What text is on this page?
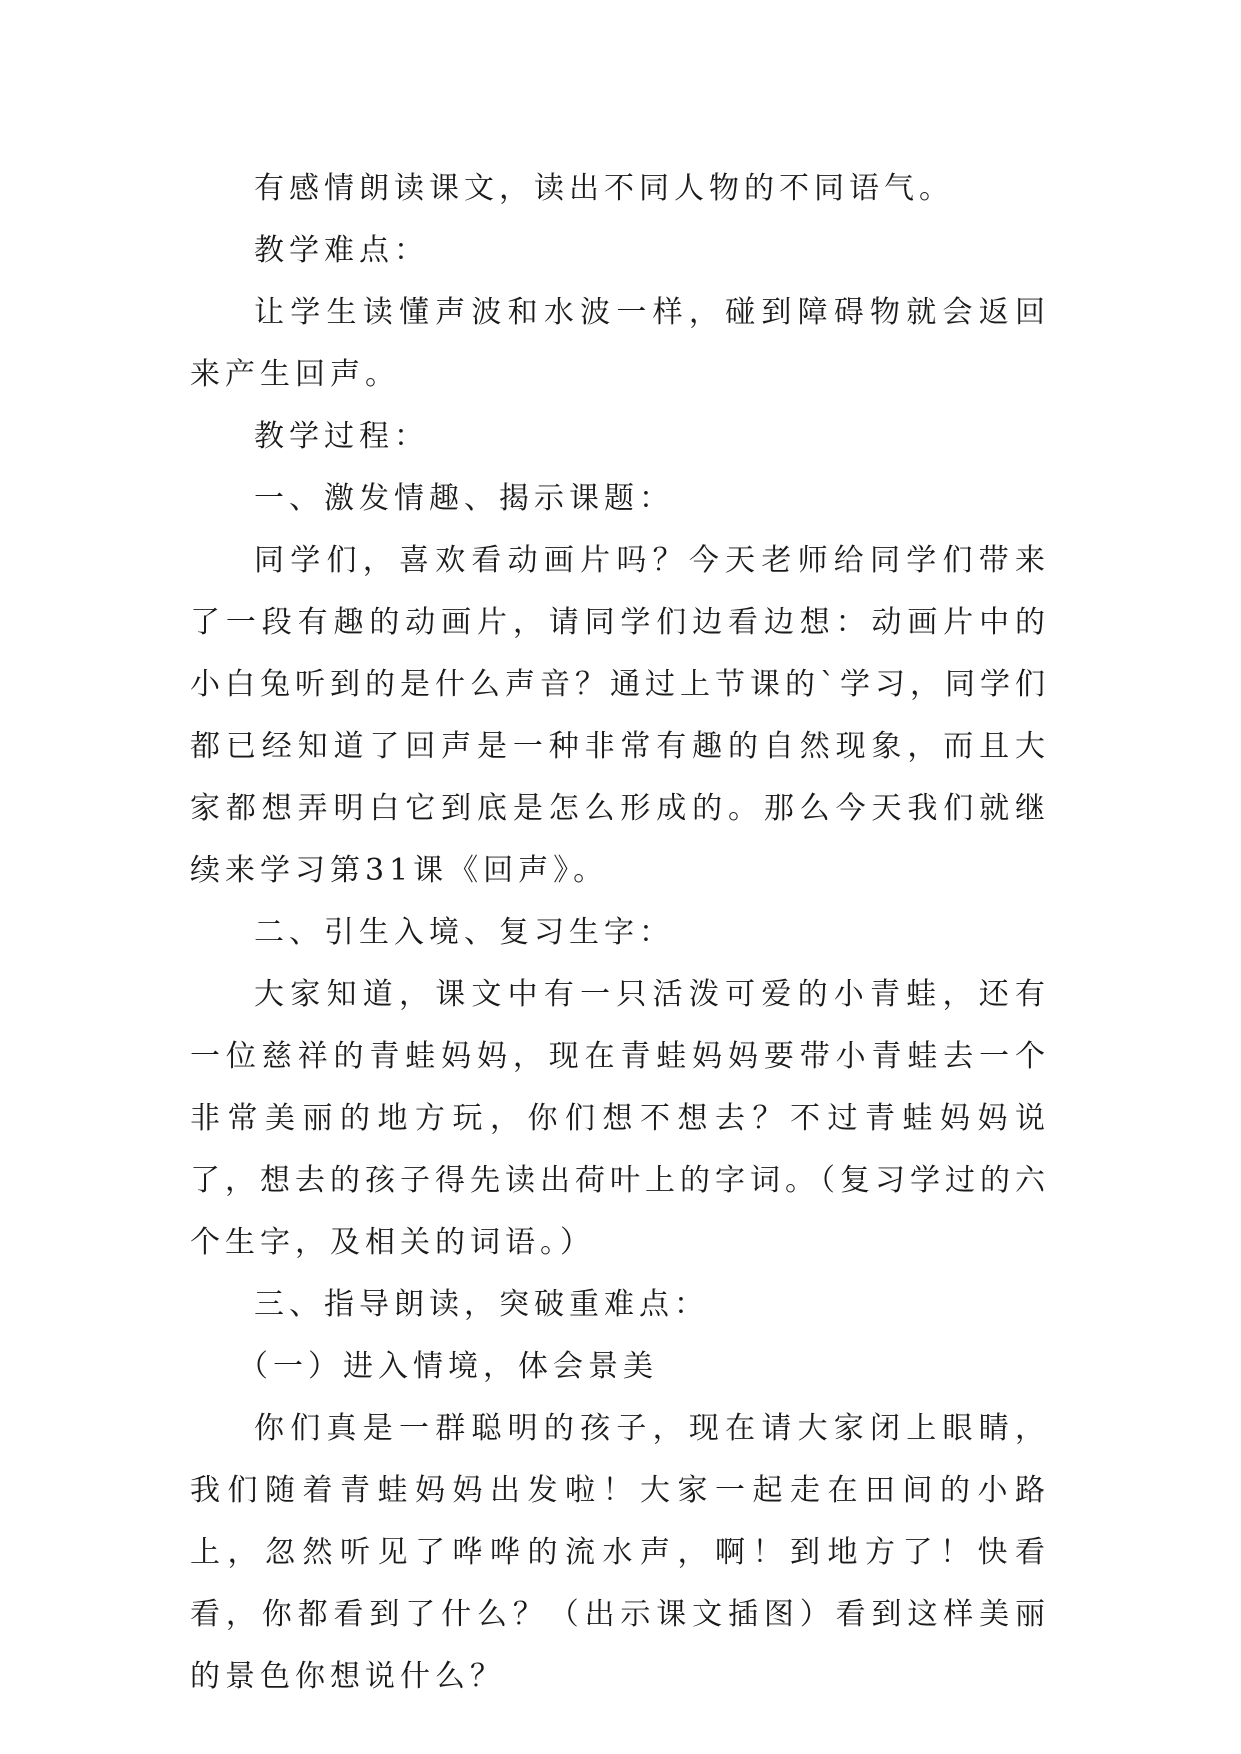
有感情朗读课文，读出不同人物的不同语气。

教学难点：

让学生读懂声波和水波一样，碰到障碍物就会返回来产生回声。

教学过程：

一、激发情趣、揭示课题：

同学们，喜欢看动画片吗？今天老师给同学们带来了一段有趣的动画片，请同学们边看边想：动画片中的小白兔听到的是什么声音？通过上节课的`学习，同学们都已经知道了回声是一种非常有趣的自然现象，而且大家都想弄明白它到底是怎么形成的。那么今天我们就继续来学习第31课《回声》。

二、引生入境、复习生字：

大家知道，课文中有一只活泼可爱的小青蛙，还有一位慈祥的青蛙妈妈，现在青蛙妈妈要带小青蛙去一个非常美丽的地方玩，你们想不想去？不过青蛙妈妈说了，想去的孩子得先读出荷叶上的字词。（复习学过的六个生字，及相关的词语。）

三、指导朗读，突破重难点：

（一）进入情境，体会景美

你们真是一群聪明的孩子，现在请大家闭上眼睛，我们随着青蛙妈妈出发啦！大家一起走在田间的小路上，忽然听见了哗哗的流水声，啊！到地方了！快看看，你都看到了什么？（出示课文插图）看到这样美丽的景色你想说什么？
